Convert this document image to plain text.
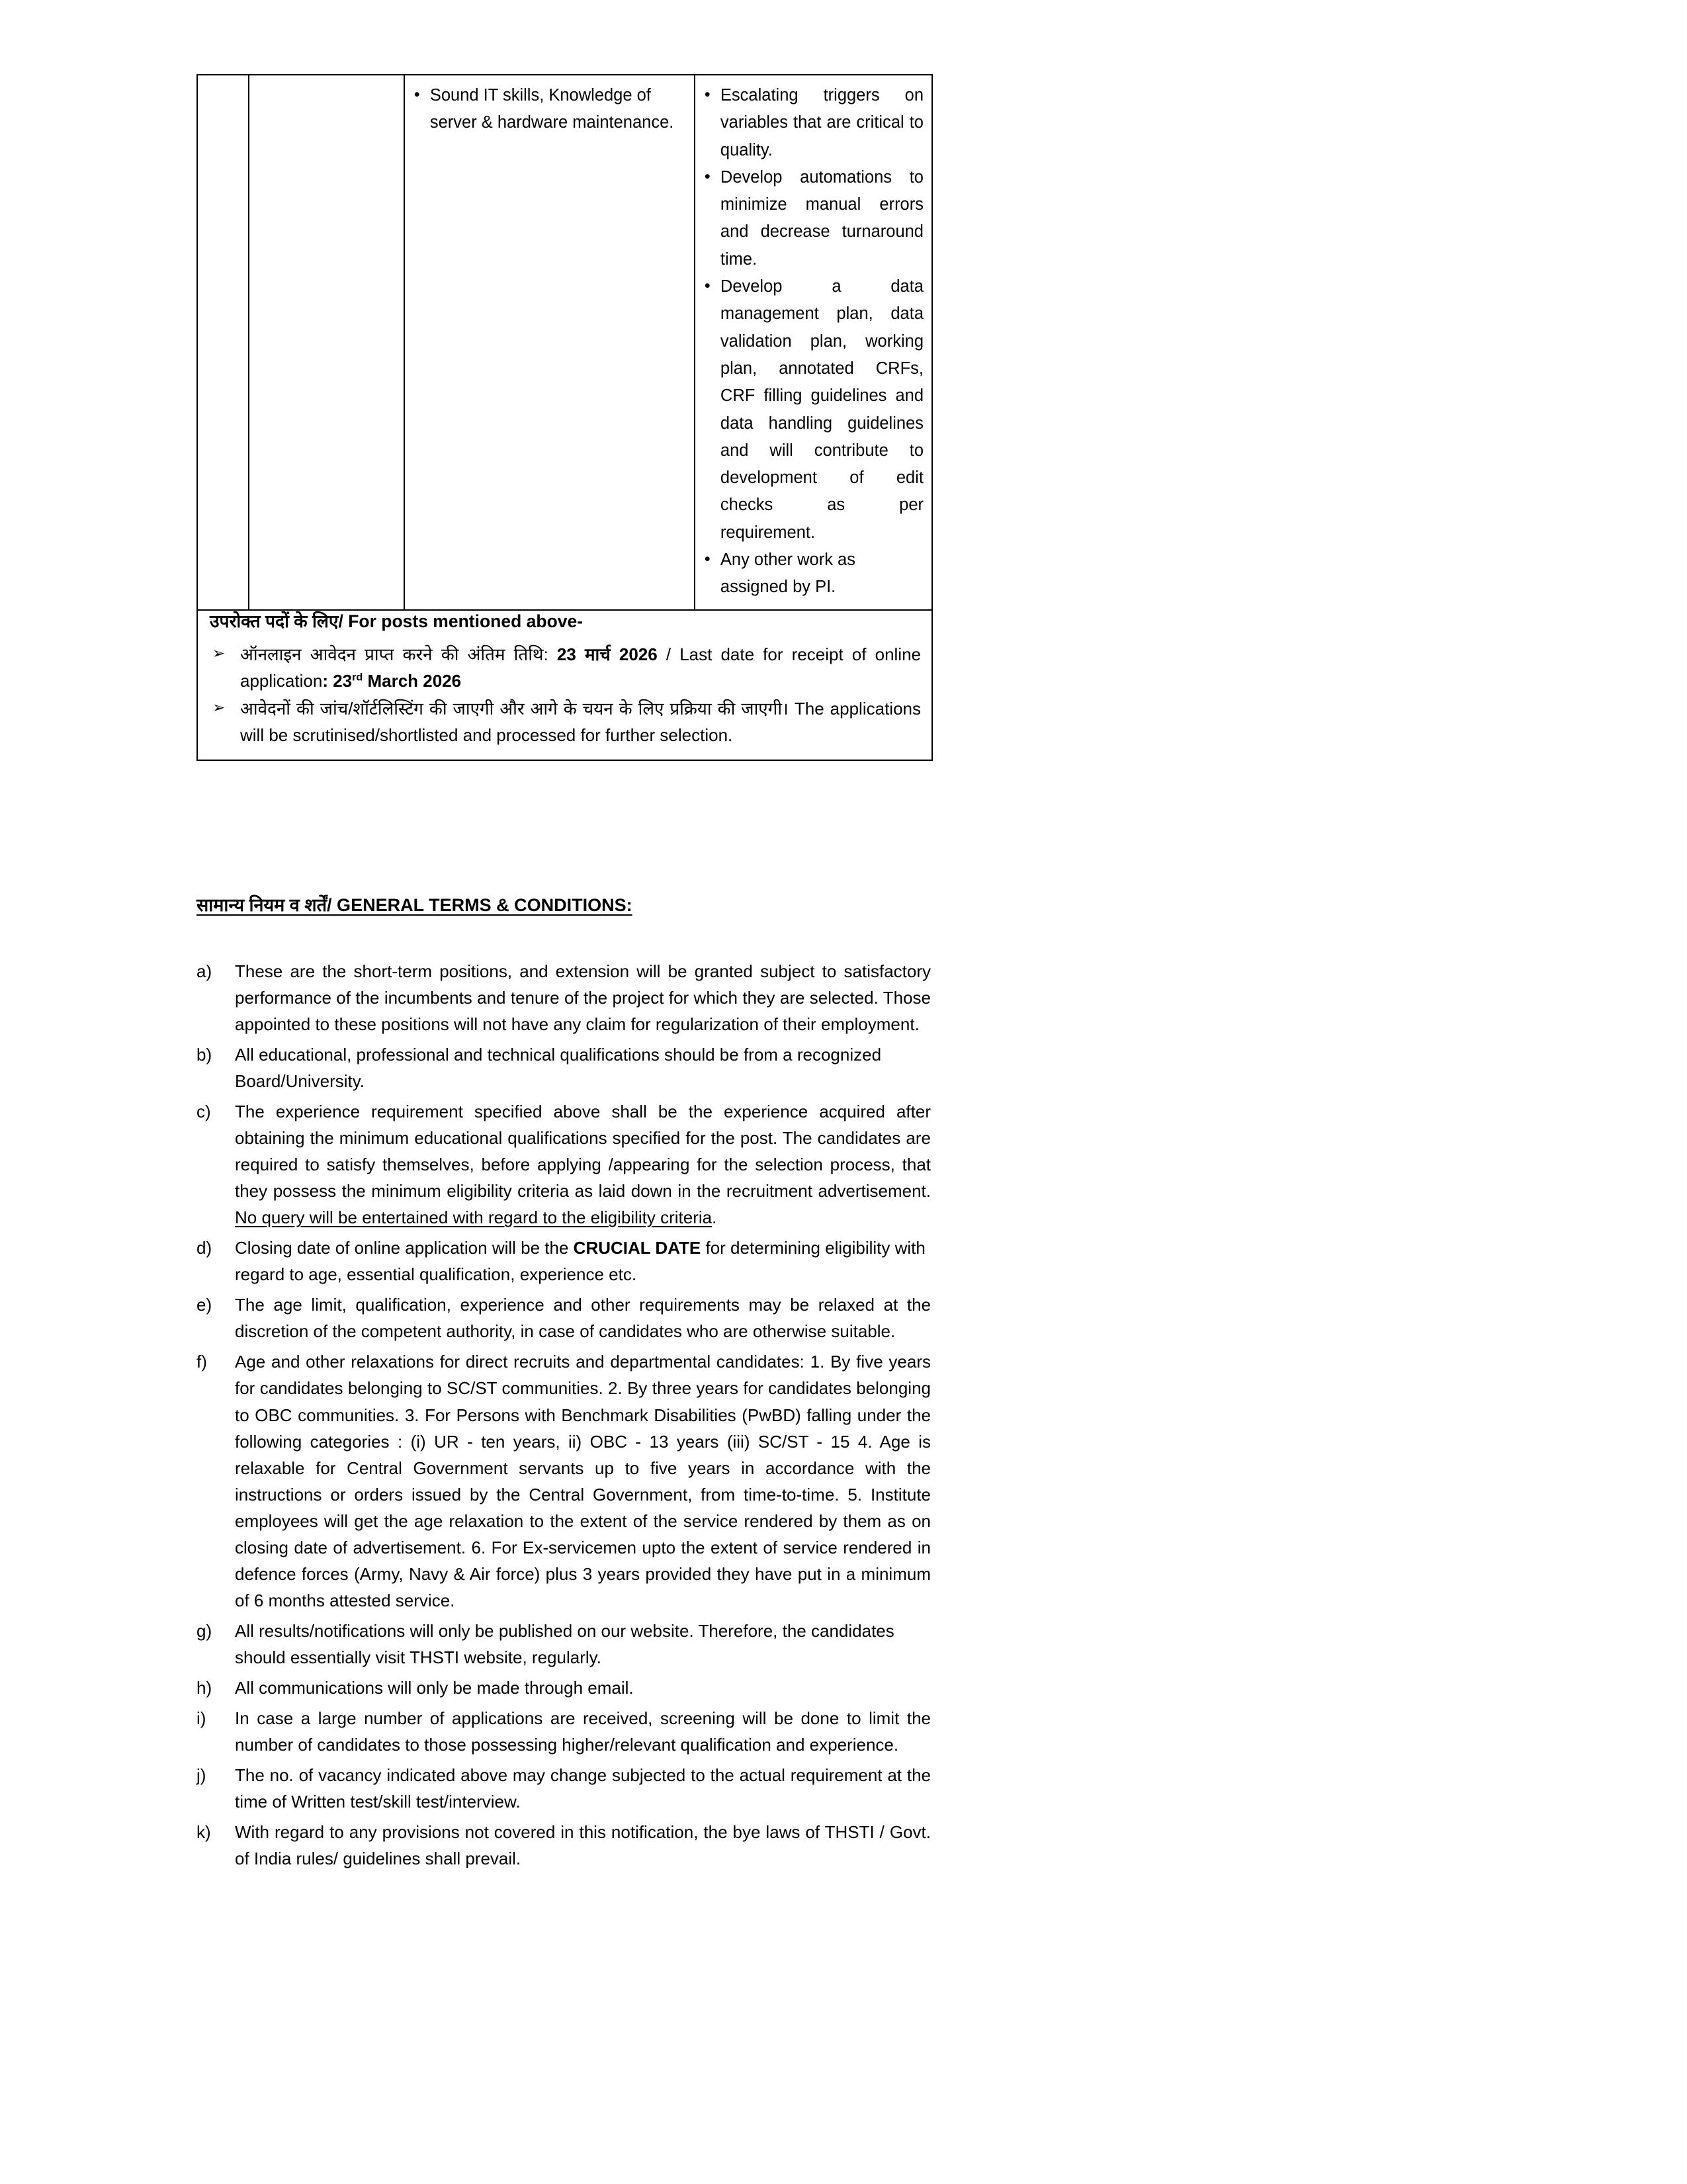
• Sound IT skills, Knowledge of server & hardware maintenance.

• Escalating triggers on variables that are critical to quality.
• Develop automations to minimize manual errors and decrease turnaround time.
• Develop a data management plan, data validation plan, working plan, annotated CRFs, CRF filling guidelines and data handling guidelines and will contribute to development of edit checks as per requirement.
• Any other work as assigned by PI.
उपरोक्त पदों के लिए/ For posts mentioned above-
➢ ऑनलाइन आवेदन प्राप्त करने की अंतिम तिथि: 23 मार्च 2026 / Last date for receipt of online application: 23rd March 2026
➢ आवेदनों की जांच/शॉर्टलिस्टिंग की जाएगी और आगे के चयन के लिए प्रक्रिया की जाएगी। The applications will be scrutinised/shortlisted and processed for further selection.
सामान्य नियम व शर्तें/ GENERAL TERMS & CONDITIONS:
a)	These are the short-term positions, and extension will be granted subject to satisfactory performance of the incumbents and tenure of the project for which they are selected. Those appointed to these positions will not have any claim for regularization of their employment.
b)	All educational, professional and technical qualifications should be from a recognized Board/University.
c)	The experience requirement specified above shall be the experience acquired after obtaining the minimum educational qualifications specified for the post. The candidates are required to satisfy themselves, before applying /appearing for the selection process, that they possess the minimum eligibility criteria as laid down in the recruitment advertisement. No query will be entertained with regard to the eligibility criteria.
d)	Closing date of online application will be the CRUCIAL DATE for determining eligibility with regard to age, essential qualification, experience etc.
e)	The age limit, qualification, experience and other requirements may be relaxed at the discretion of the competent authority, in case of candidates who are otherwise suitable.
f)	Age and other relaxations for direct recruits and departmental candidates: 1. By five years for candidates belonging to SC/ST communities. 2. By three years for candidates belonging to OBC communities. 3. For Persons with Benchmark Disabilities (PwBD) falling under the following categories : (i) UR - ten years, ii) OBC - 13 years (iii) SC/ST - 15 4. Age is relaxable for Central Government servants up to five years in accordance with the instructions or orders issued by the Central Government, from time-to-time. 5. Institute employees will get the age relaxation to the extent of the service rendered by them as on closing date of advertisement. 6. For Ex-servicemen upto the extent of service rendered in defence forces (Army, Navy & Air force) plus 3 years provided they have put in a minimum of 6 months attested service.
g)	All results/notifications will only be published on our website. Therefore, the candidates should essentially visit THSTI website, regularly.
h)	All communications will only be made through email.
i)	In case a large number of applications are received, screening will be done to limit the number of candidates to those possessing higher/relevant qualification and experience.
j)	The no. of vacancy indicated above may change subjected to the actual requirement at the time of Written test/skill test/interview.
k)	With regard to any provisions not covered in this notification, the bye laws of THSTI / Govt. of India rules/ guidelines shall prevail.
